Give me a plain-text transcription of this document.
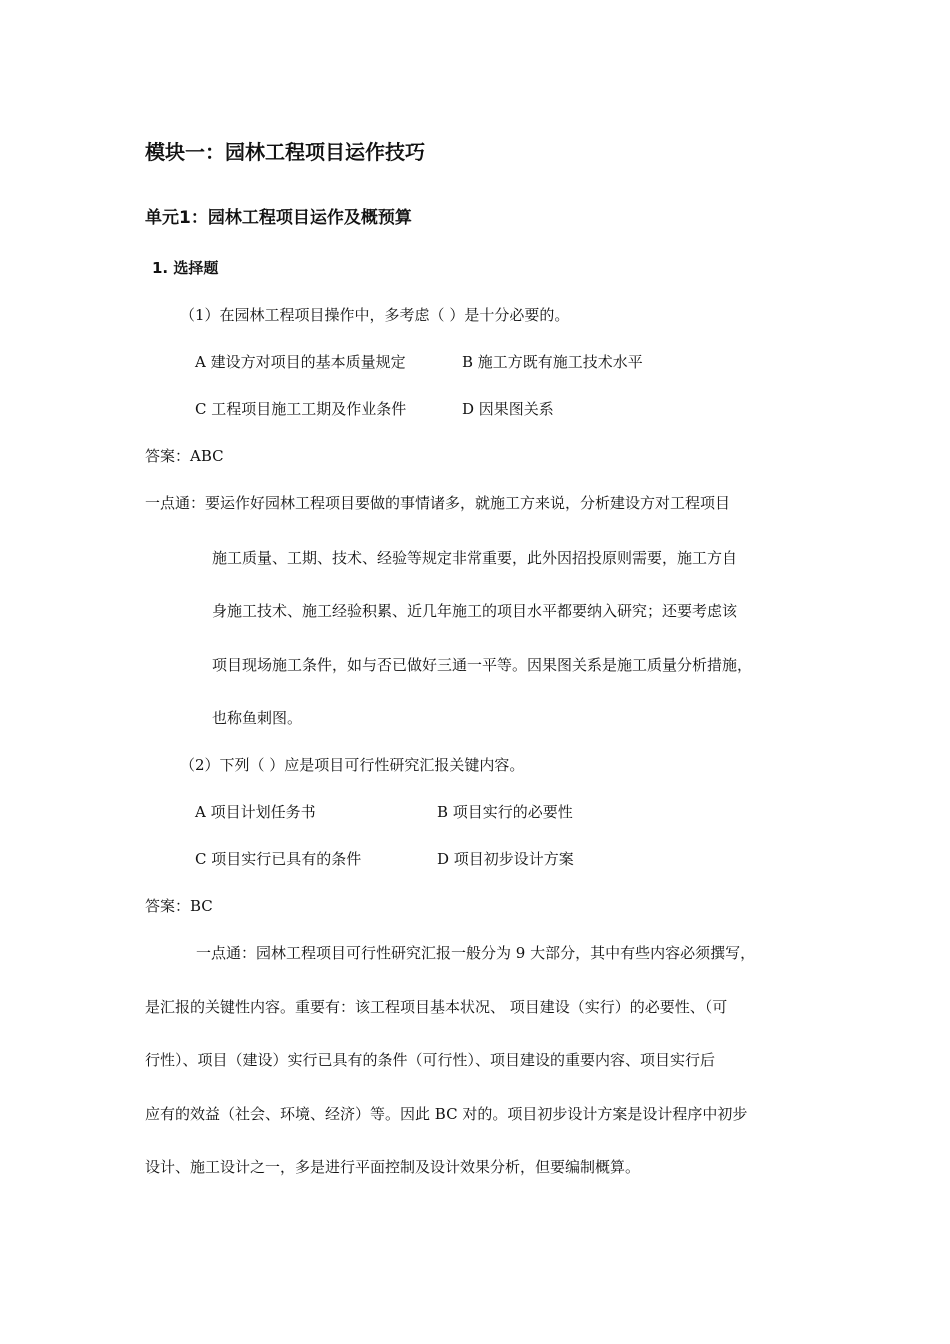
模块一：园林工程项目运作技巧
单元1：园林工程项目运作及概预算
1. 选择题
（1）在园林工程项目操作中，多考虑（ ）是十分必要的。
A 建设方对项目的基本质量规定	B 施工方既有施工技术水平
C 工程项目施工工期及作业条件	D 因果图关系
答案：ABC
一点通：要运作好园林工程项目要做的事情诸多，就施工方来说，分析建设方对工程项目
施工质量、工期、技术、经验等规定非常重要，此外因招投原则需要，施工方自
身施工技术、施工经验积累、近几年施工的项目水平都要纳入研究；还要考虑该
项目现场施工条件，如与否已做好三通一平等。因果图关系是施工质量分析措施，
也称鱼刺图。
（2）下列（ ）应是项目可行性研究汇报关键内容。
A 项目计划任务书	B 项目实行的必要性
C 项目实行已具有的条件	D 项目初步设计方案
答案：BC
一点通：园林工程项目可行性研究汇报一般分为 9 大部分，其中有些内容必须撰写，
是汇报的关键性内容。重要有：该工程项目基本状况、 项目建设（实行）的必要性、（可
行性）、项目（建设）实行已具有的条件（可行性）、项目建设的重要内容、项目实行后
应有的效益（社会、环境、经济）等。因此 BC 对的。项目初步设计方案是设计程序中初步
设计、施工设计之一，多是进行平面控制及设计效果分析，但要编制概算。
